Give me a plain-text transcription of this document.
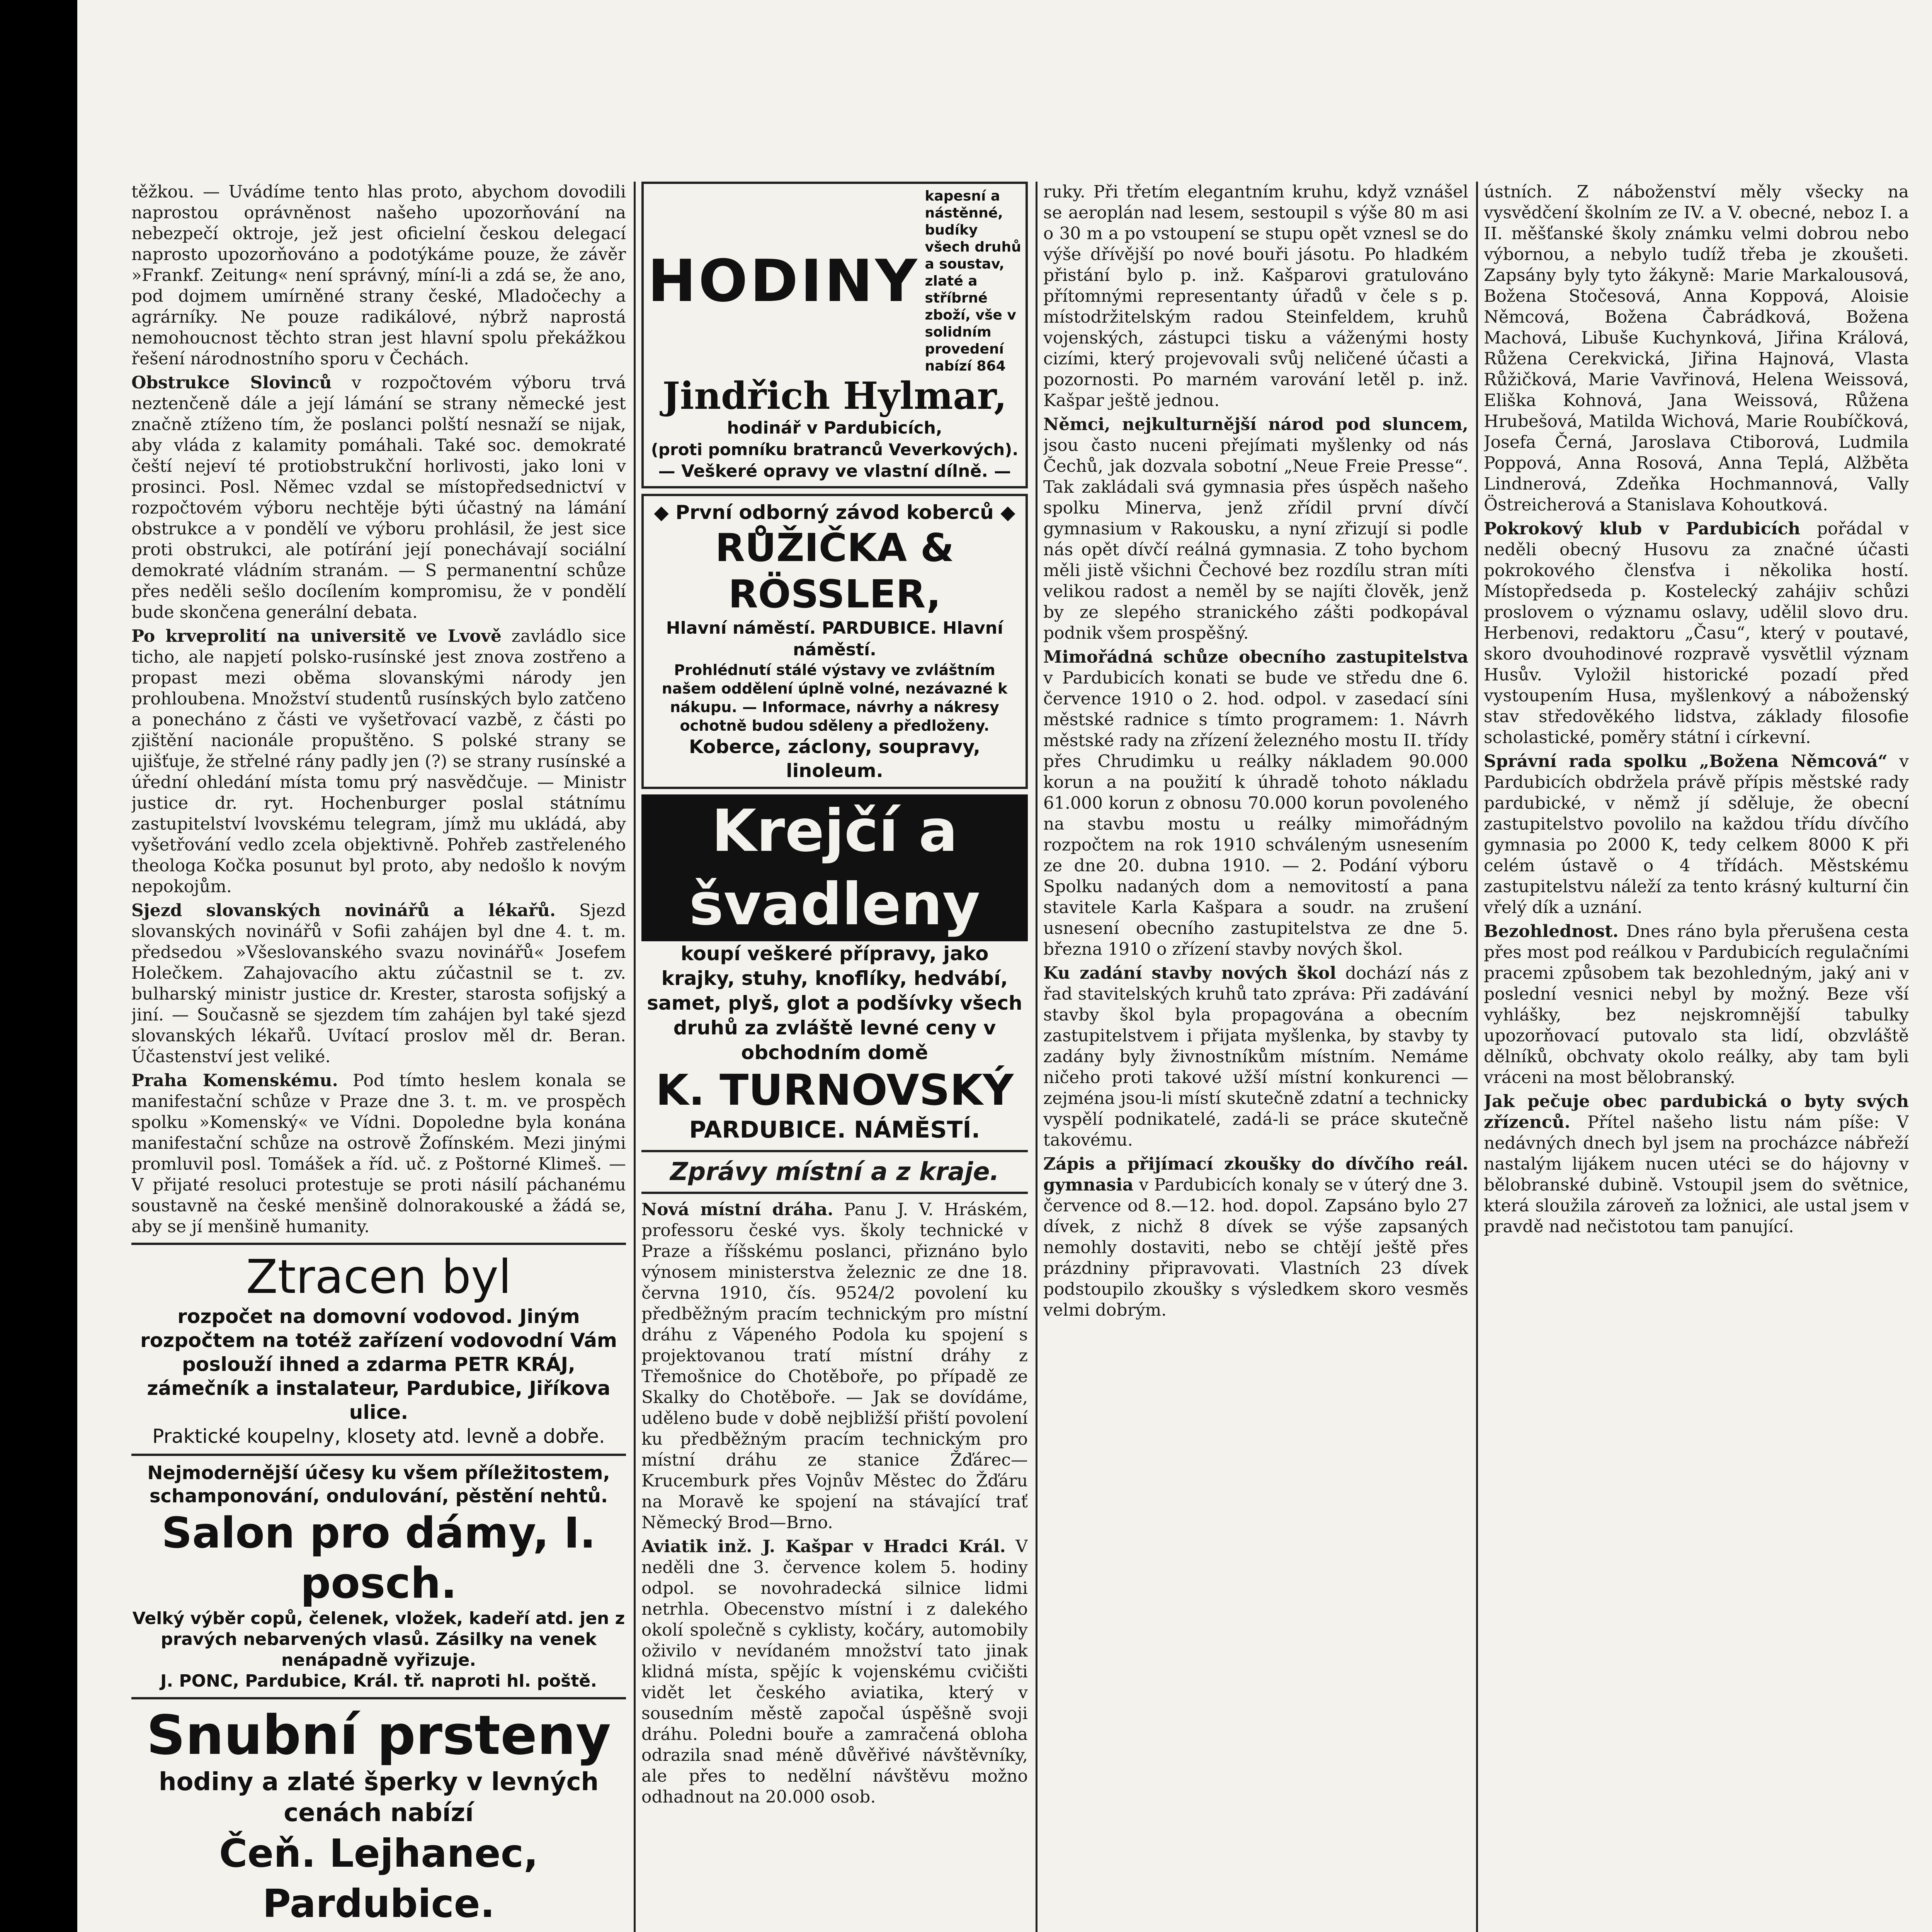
těžkou. — Uvádíme tento hlas proto, abychom dovodili naprostou oprávněnost našeho upozorňování na nebezpečí oktroje, jež jest oficielní českou delegací naprosto upozorňováno a podotýkáme pouze, že závěr »Frankf. Zeitung« není správný, míní-li a zdá se, že ano, pod dojmem umírněné strany české, Mladočechy a agrárníky. Ne pouze radikálové, nýbrž naprostá nemohoucnost těchto stran jest hlavní spolu překážkou řešení národnostního sporu v Čechách.

Obstrukce Slovinců v rozpočtovém výboru trvá neztenčeně dále a její lámání se strany německé jest značně ztíženo tím, že poslanci polští nesnaží se nijak, aby vláda z kalamity pomáhali. Také soc. demokraté čeští nejeví té protiobstrukční horlivosti, jako loni v prosinci. Posl. Němec vzdal se místopředsednictví v rozpočtovém výboru nechtěje býti účastný na lámání obstrukce a v pondělí ve výboru prohlásil, že jest sice proti obstrukci, ale potírání její ponechávají sociální demokraté vládním stranám. — S permanentní schůze přes neděli sešlo docílením kompromisu, že v pondělí bude skončena generální debata.

Po krveprolití na universitě ve Lvově zavládlo sice ticho, ale napjetí polsko-rusínské jest znova zostřeno a propast mezi oběma slovanskými národy jen prohloubena. Množství studentů rusínských bylo zatčeno a ponecháno z části ve vyšetřovací vazbě, z části po zjištění nacionále propuštěno. S polské strany se ujišťuje, že střelné rány padly jen (?) se strany rusínské a úřední ohledání místa tomu prý nasvědčuje. — Ministr justice dr. ryt. Hochenburger poslal státnímu zastupitelství lvovskému telegram, jímž mu ukládá, aby vyšetřování vedlo zcela objektivně. Pohřeb zastřeleného theologa Kočka posunut byl proto, aby nedošlo k novým nepokojům.

Sjezd slovanských novinářů a lékařů. Sjezd slovanských novinářů v Sofii zahájen byl dne 4. t. m. předsedou »Všeslovanského svazu novinářů« Josefem Holečkem. Zahajovacího aktu zúčastnil se t. zv. bulharský ministr justice dr. Krester, starosta sofijský a jiní. — Současně se sjezdem tím zahájen byl také sjezd slovanských lékařů. Uvítací proslov měl dr. Beran. Účastenství jest veliké.

Praha Komenskému. Pod tímto heslem konala se manifestační schůze v Praze dne 3. t. m. ve prospěch spolku »Komenský« ve Vídni. Dopoledne byla konána manifestační schůze na ostrově Žofínském. Mezi jinými promluvil posl. Tomášek a říd. uč. z Poštorné Klimeš. — V přijaté resoluci protestuje se proti násilí páchanému soustavně na české menšině dolnorakouské a žádá se, aby se jí menšině humanity.

Ztracen byl
rozpočet na domovní vodovod. Jiným rozpočtem na totéž zařízení vodovodní Vám poslouží ihned a zdarma PETR KRÁJ, zámečník a instalateur, Pardubice, Jiříkova ulice.
Praktické koupelny, klosety atd. levně a dobře.
Nejmodernější účesy ku všem příležitostem, schamponování, ondulování, pěstění nehtů.
Salon pro dámy, I. posch.
Velký výběr copů, čelenek, vložek, kadeří atd. jen z pravých nebarvených vlasů. Zásilky na venek nenápadně vyřizuje.
J. PONC, Pardubice, Král. tř. naproti hl. poště.
Snubní prsteny
hodiny a zlaté šperky v levných cenách nabízí
Čeň. Lejhanec, Pardubice.
HODINY
kapesní a nástěnné, budíky všech druhů a soustav, zlaté a stříbrné zboží, vše v solidním provedení nabízí 864
Jindřich Hylmar,
hodinář v Pardubicích,
(proti pomníku bratranců Veverkových).
— Veškeré opravy ve vlastní dílně. —
◆ První odborný závod koberců ◆
RŮŽIČKA & RÖSSLER,
Hlavní náměstí. PARDUBICE. Hlavní náměstí.
Prohlédnutí stálé výstavy ve zvláštním našem oddělení úplně volné, nezávazné k nákupu. — Informace, návrhy a nákresy ochotně budou sděleny a předloženy.
Koberce, záclony, soupravy, linoleum.
Krejčí a švadleny
koupí veškeré přípravy, jako krajky, stuhy, knoflíky, hedvábí, samet, plyš, glot a podšívky všech druhů za zvláště levné ceny v obchodním domě
K. TURNOVSKÝ
PARDUBICE. NÁMĚSTÍ.
Zprávy místní a z kraje.

Nová místní dráha. Panu J. V. Hráském, professoru české vys. školy technické v Praze a říšskému poslanci, přiznáno bylo výnosem ministerstva železnic ze dne 18. června 1910, čís. 9524/2 povolení ku předběžným pracím technickým pro místní dráhu z Vápeného Podola ku spojení s projektovanou tratí místní dráhy z Třemošnice do Chotěboře, po případě ze Skalky do Chotěboře. — Jak se dovídáme, uděleno bude v době nejbližší přiští povolení ku předběžným pracím technickým pro místní dráhu ze stanice Žďárec—Krucemburk přes Vojnův Městec do Žďáru na Moravě ke spojení na stávající trať Německý Brod—Brno.

Aviatik inž. J. Kašpar v Hradci Král. V neděli dne 3. července kolem 5. hodiny odpol. se novohradecká silnice lidmi netrhla. Obecenstvo místní i z dalekého okolí společně s cyklisty, kočáry, automobily oživilo v nevídaném množství tato jinak klidná místa, spějíc k vojenskému cvičišti vidět let českého aviatika, který v sousedním městě započal úspěšně svoji dráhu. Poledni bouře a zamračená obloha odrazila snad méně důvěřivé návštěvníky, ale přes to nedělní návštěvu možno odhadnout na 20.000 osob.

ruky. Při třetím elegantním kruhu, když vznášel se aeroplán nad lesem, sestoupil s výše 80 m asi o 30 m a po vstoupení se stupu opět vznesl se do výše dřívější po nové bouři jásotu. Po hladkém přistání bylo p. inž. Kašparovi gratulováno přítomnými representanty úřadů v čele s p. místodržitelským radou Steinfeldem, kruhů vojenských, zástupci tisku a váženými hosty cizími, který projevovali svůj neličené účasti a pozornosti. Po marném varování letěl p. inž. Kašpar ještě jednou.

Němci, nejkulturnější národ pod sluncem, jsou často nuceni přejímati myšlenky od nás Čechů, jak dozvala sobotní „Neue Freie Presse“. Tak zakládali svá gymnasia přes úspěch našeho spolku Minerva, jenž zřídil první dívčí gymnasium v Rakousku, a nyní zřizují si podle nás opět dívčí reálná gymnasia. Z toho bychom měli jistě všichni Čechové bez rozdílu stran míti velikou radost a neměl by se najíti člověk, jenž by ze slepého stranického zášti podkopával podnik všem prospěšný.

Mimořádná schůze obecního zastupitelstva v Pardubicích konati se bude ve středu dne 6. července 1910 o 2. hod. odpol. v zasedací síni městské radnice s tímto programem: 1. Návrh městské rady na zřízení železného mostu II. třídy přes Chrudimku u reálky nákladem 90.000 korun a na použití k úhradě tohoto nákladu 61.000 korun z obnosu 70.000 korun povoleného na stavbu mostu u reálky mimořádným rozpočtem na rok 1910 schváleným usnesením ze dne 20. dubna 1910. — 2. Podání výboru Spolku nadaných dom a nemovitostí a pana stavitele Karla Kašpara a soudr. na zrušení usnesení obecního zastupitelstva ze dne 5. března 1910 o zřízení stavby nových škol.

Ku zadání stavby nových škol dochází nás z řad stavitelských kruhů tato zpráva: Při zadávání stavby škol byla propagována a obecním zastupitelstvem i přijata myšlenka, by stavby ty zadány byly živnostníkům místním. Nemáme ničeho proti takové užší místní konkurenci — zejména jsou-li místí skutečně zdatní a technicky vyspělí podnikatelé, zadá-li se práce skutečně takovému.

Zápis a přijímací zkoušky do dívčího reál. gymnasia v Pardubicích konaly se v úterý dne 3. července od 8.—12. hod. dopol. Zapsáno bylo 27 dívek, z nichž 8 dívek se výše zapsaných nemohly dostaviti, nebo se chtějí ještě přes prázdniny připravovati. Vlastních 23 dívek podstoupilo zkoušky s výsledkem skoro vesměs velmi dobrým.

ústních. Z náboženství měly všecky na vysvědčení školním ze IV. a V. obecné, neboz I. a II. měšťanské školy známku velmi dobrou nebo výbornou, a nebylo tudíž třeba je zkoušeti. Zapsány byly tyto žákyně: Marie Markalousová, Božena Stočesová, Anna Koppová, Aloisie Němcová, Božena Čabrádková, Božena Machová, Libuše Kuchynková, Jiřina Králová, Růžena Cerekvická, Jiřina Hajnová, Vlasta Růžičková, Marie Vavřinová, Helena Weissová, Eliška Kohnová, Jana Weissová, Růžena Hrubešová, Matilda Wichová, Marie Roubíčková, Josefa Černá, Jaroslava Ctiborová, Ludmila Poppová, Anna Rosová, Anna Teplá, Alžběta Lindnerová, Zdeňka Hochmannová, Vally Östreicherová a Stanislava Kohoutková.

Pokrokový klub v Pardubicích pořádal v neděli obecný Husovu za značné účasti pokrokového člensťva i několika hostí. Místopředseda p. Kostelecký zahájiv schůzi proslovem o významu oslavy, udělil slovo dru. Herbenovi, redaktoru „Času“, který v poutavé, skoro dvouhodinové rozpravě vysvětlil význam Husův. Vyložil historické pozadí před vystoupením Husa, myšlenkový a náboženský stav středověkého lidstva, základy filosofie scholastické, poměry státní i církevní.

Správní rada spolku „Božena Němcová“ v Pardubicích obdržela právě přípis městské rady pardubické, v němž jí sděluje, že obecní zastupitelstvo povolilo na každou třídu dívčího gymnasia po 2000 K, tedy celkem 8000 K při celém ústavě o 4 třídách. Městskému zastupitelstvu náleží za tento krásný kulturní čin vřelý dík a uznání.

Bezohlednost. Dnes ráno byla přerušena cesta přes most pod reálkou v Pardubicích regulačními pracemi způsobem tak bezohledným, jaký ani v poslední vesnici nebyl by možný. Beze vší vyhlášky, bez nejskromnější tabulky upozorňovací putovalo sta lidí, obzvláště dělníků, obchvaty okolo reálky, aby tam byli vráceni na most bělobranský.

Jak pečuje obec pardubická o byty svých zřízenců. Přítel našeho listu nám píše: V nedávných dnech byl jsem na procházce nábřeží nastalým lijákem nucen utéci se do hájovny v bělobranské dubině. Vstoupil jsem do světnice, která sloužila zároveň za ložnici, ale ustal jsem v pravdě nad nečistotou tam panující.
